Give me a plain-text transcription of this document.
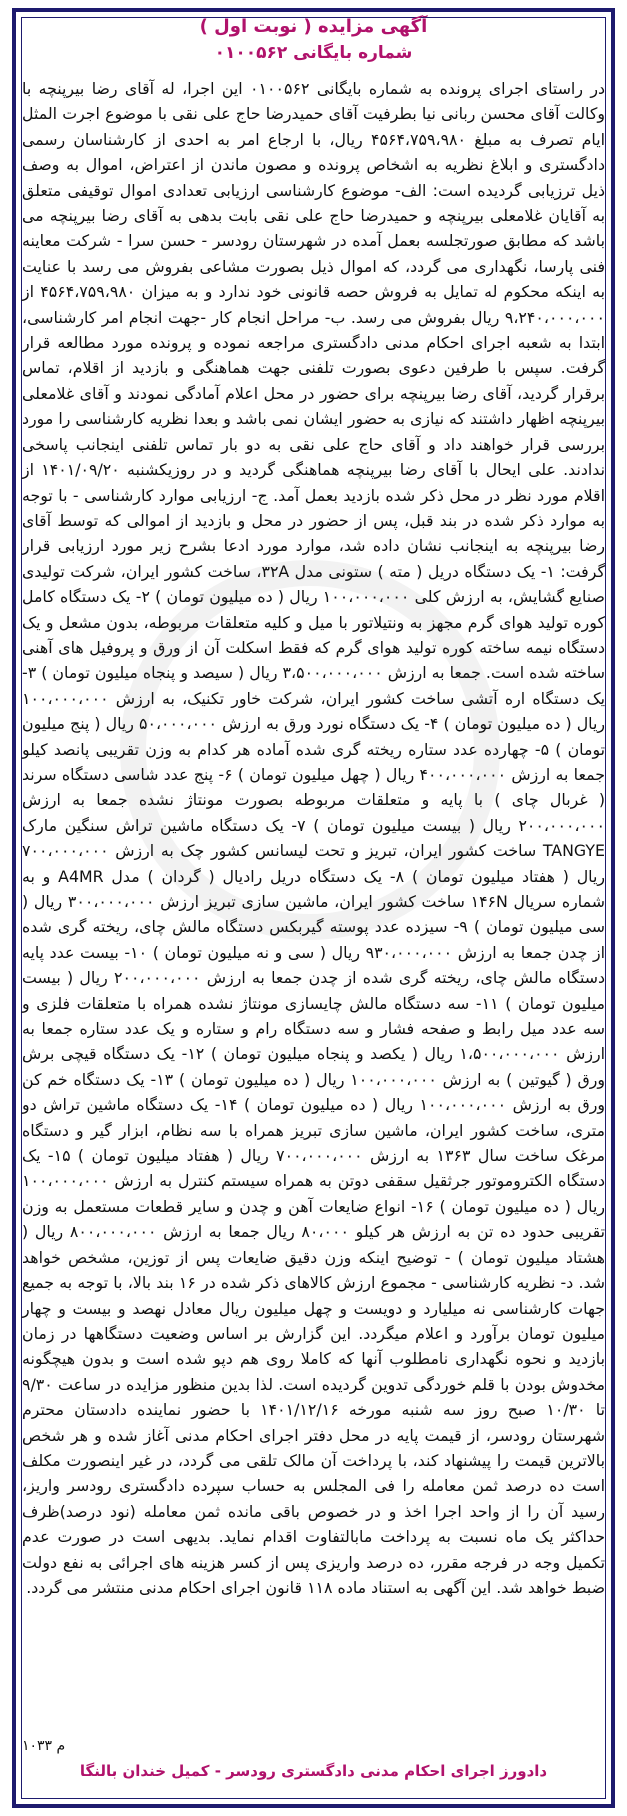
آگهی مزایده ( نوبت اول )

شماره بایگانی ۰۱۰۰۵۶۲

در راستای اجرای پرونده به شماره بایگانی ۰۱۰۰۵۶۲ این اجرا، له آقای رضا بیرپنچه با وکالت آقای محسن ربانی نیا بطرفیت آقای حمیدرضا حاج علی نقی با موضوع اجرت المثل ایام تصرف به مبلغ ۴۵۶۴،۷۵۹،۹۸۰ ریال، با ارجاع امر به احدی از کارشناسان رسمی دادگستری و ابلاغ نظریه به اشخاص پرونده و مصون ماندن از اعتراض، اموال به وصف ذیل ترزیابی گردیده است: الف- موضوع کارشناسی ارزیابی تعدادی اموال توقیفی متعلق به آقایان غلامعلی بیرپنچه و حمیدرضا حاج علی نقی بابت بدهی به آقای رضا بیرپنچه می باشد که مطابق صورتجلسه بعمل آمده در شهرستان رودسر - حسن سرا - شرکت معاینه فنی پارسا، نگهداری می گردد، که اموال ذیل بصورت مشاعی بفروش می رسد با عنایت به اینکه محکوم له تمایل به فروش حصه قانونی خود ندارد و به میزان ۴۵۶۴،۷۵۹،۹۸۰ از ۹،۲۴۰،۰۰۰،۰۰۰ ریال بفروش می رسد. ب- مراحل انجام کار -جهت انجام امر کارشناسی، ابتدا به شعبه اجرای احکام مدنی دادگستری مراجعه نموده و پرونده مورد مطالعه قرار گرفت. سپس با طرفین دعوی بصورت تلفنی جهت هماهنگی و بازدید از اقلام، تماس برقرار گردید، آقای رضا بیرپنچه برای حضور در محل اعلام آمادگی نمودند و آقای غلامعلی بیرپنچه اظهار داشتند که نیازی به حضور ایشان نمی باشد و بعدا نظریه کارشناسی را مورد بررسی قرار خواهند داد و آقای حاج علی نقی به دو بار تماس تلفنی اینجانب پاسخی ندادند. علی ایحال با آقای رضا بیرپنچه هماهنگی گردید و در روزیکشنبه ۱۴۰۱/۰۹/۲۰ از اقلام مورد نظر در محل ذکر شده بازدید بعمل آمد. ج- ارزیابی موارد کارشناسی - با توجه به موارد ذکر شده در بند قبل، پس از حضور در محل و بازدید از اموالی که توسط آقای رضا بیرپنچه به اینجانب نشان داده شد، موارد مورد ادعا بشرح زیر مورد ارزیابی قرار گرفت: ۱- یک دستگاه دریل ( مته ) ستونی مدل ۳۲A، ساخت کشور ایران، شرکت تولیدی صنایع گشایش، به ارزش کلی ۱۰۰،۰۰۰،۰۰۰ ریال ( ده میلیون تومان ) ۲- یک دستگاه کامل کوره تولید هوای گرم مجهز به ونتیلاتور با میل و کلیه متعلقات مربوطه، بدون مشعل و یک دستگاه نیمه ساخته کوره تولید هوای گرم که فقط اسکلت آن از ورق و پروفیل های آهنی ساخته شده است. جمعا به ارزش ۳،۵۰۰،۰۰۰،۰۰۰ ریال ( سیصد و پنجاه میلیون تومان ) ۳- یک دستگاه اره آتشی ساخت کشور ایران، شرکت خاور تکنیک، به ارزش ۱۰۰،۰۰۰،۰۰۰ ریال ( ده میلیون تومان ) ۴- یک دستگاه نورد ورق به ارزش ۵۰،۰۰۰،۰۰۰ ریال ( پنج میلیون تومان ) ۵- چهارده عدد ستاره ریخته گری شده آماده هر کدام به وزن تقریبی پانصد کیلو جمعا به ارزش ۴۰۰،۰۰۰،۰۰۰ ریال ( چهل میلیون تومان ) ۶- پنج عدد شاسی دستگاه سرند ( غربال چای ) با پایه و متعلقات مربوطه بصورت مونتاژ نشده جمعا به ارزش ۲۰۰،۰۰۰،۰۰۰ ریال ( بیست میلیون تومان ) ۷- یک دستگاه ماشین تراش سنگین مارک TANGYE ساخت کشور ایران، تبریز و تحت لیسانس کشور چک به ارزش ۷۰۰،۰۰۰،۰۰۰ ریال ( هفتاد میلیون تومان ) ۸- یک دستگاه دریل رادیال ( گردان ) مدل A4MR و به شماره سریال ۱۴۶N ساخت کشور ایران، ماشین سازی تبریز ارزش ۳۰۰،۰۰۰،۰۰۰ ریال ( سی میلیون تومان ) ۹- سیزده عدد پوسته گیربکس دستگاه مالش چای، ریخته گری شده از چدن جمعا به ارزش ۹۳۰،۰۰۰،۰۰۰ ریال ( سی و نه میلیون تومان ) ۱۰- بیست عدد پایه دستگاه مالش چای، ریخته گری شده از چدن جمعا به ارزش ۲۰۰،۰۰۰،۰۰۰ ریال ( بیست میلیون تومان ) ۱۱- سه دستگاه مالش چایسازی مونتاژ نشده همراه با متعلقات فلزی و سه عدد میل رابط و صفحه فشار و سه دستگاه رام و ستاره و یک عدد ستاره جمعا به ارزش ۱،۵۰۰،۰۰۰،۰۰۰ ریال ( یکصد و پنجاه میلیون تومان ) ۱۲- یک دستگاه قیچی برش ورق ( گیوتین ) به ارزش ۱۰۰،۰۰۰،۰۰۰ ریال ( ده میلیون تومان ) ۱۳- یک دستگاه خم کن ورق به ارزش ۱۰۰،۰۰۰،۰۰۰ ریال ( ده میلیون تومان ) ۱۴- یک دستگاه ماشین تراش دو متری، ساخت کشور ایران، ماشین سازی تبریز همراه با سه نظام، ابزار گیر و دستگاه مرغک ساخت سال ۱۳۶۳ به ارزش ۷۰۰،۰۰۰،۰۰۰ ریال ( هفتاد میلیون تومان ) ۱۵- یک دستگاه الکتروموتور جرثقیل سقفی دوتن به همراه سیستم کنترل به ارزش ۱۰۰،۰۰۰،۰۰۰ ریال ( ده میلیون تومان ) ۱۶- انواع ضایعات آهن و چدن و سایر قطعات مستعمل به وزن تقریبی حدود ده تن به ارزش هر کیلو ۸۰،۰۰۰ ریال جمعا به ارزش ۸۰۰،۰۰۰،۰۰۰ ریال ( هشتاد میلیون تومان ) - توضیح اینکه وزن دقیق ضایعات پس از توزین، مشخص خواهد شد. د- نظریه کارشناسی - مجموع ارزش کالاهای ذکر شده در ۱۶ بند بالا، با توجه به جمیع جهات کارشناسی نه میلیارد و دویست و چهل میلیون ریال معادل نهصد و بیست و چهار میلیون تومان برآورد و اعلام میگردد. این گزارش بر اساس وضعیت دستگاهها در زمان بازدید و نحوه نگهداری نامطلوب آنها که کاملا روی هم دپو شده است و بدون هیچگونه مخدوش بودن با قلم خوردگی تدوین گردیده است. لذا بدین منظور مزایده در ساعت ۹/۳۰ تا ۱۰/۳۰ صبح روز سه شنبه مورخه ۱۴۰۱/۱۲/۱۶ با حضور نماینده دادستان محترم شهرستان رودسر، از قیمت پایه در محل دفتر اجرای احکام مدنی آغاز شده و هر شخص بالاترین قیمت را پیشنهاد کند، با پرداخت آن مالک تلقی می گردد، در غیر اینصورت مکلف است ده درصد ثمن معامله را فی المجلس به حساب سپرده دادگستری رودسر واریز، رسید آن را از واحد اجرا اخذ و در خصوص باقی مانده ثمن معامله (نود درصد)ظرف حداکثر یک ماه نسبت به پرداخت مابالتفاوت اقدام نماید. بدیهی است در صورت عدم تکمیل وجه در فرجه مقرر، ده درصد واریزی پس از کسر هزینه های اجرائی به نفع دولت ضبط خواهد شد. این آگهی به استناد ماده ۱۱۸ قانون اجرای احکام مدنی منتشر می گردد.
م ۱۰۳۳
دادورز اجرای احکام مدنی دادگستری رودسر - کمیل خندان بالنگا
